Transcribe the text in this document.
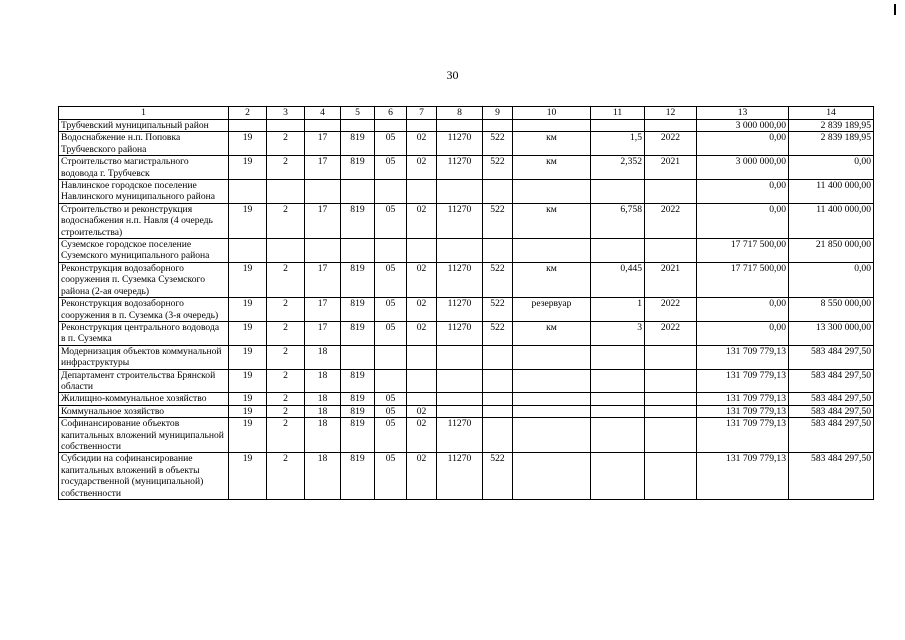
30
1	2	3	4	5	6	7	8	9	10	11	12	13	14
Трубчевский муниципальный район												3 000 000,00	2 839 189,95
Водоснабжение н.п. Поповка Трубчевского района	19	2	17	819	05	02	11270	522	км	1,5	2022	0,00	2 839 189,95
Строительство магистрального водовода г. Трубчевск	19	2	17	819	05	02	11270	522	км	2,352	2021	3 000 000,00	0,00
Навлинское городское поселение Навлинского муниципального района												0,00	11 400 000,00
Строительство и реконструкция водоснабжения н.п. Навля (4 очередь строительства)	19	2	17	819	05	02	11270	522	км	6,758	2022	0,00	11 400 000,00
Суземское городское поселение Суземского муниципального района												17 717 500,00	21 850 000,00
Реконструкция водозаборного сооружения п. Суземка Суземского района (2-ая очередь)	19	2	17	819	05	02	11270	522	км	0,445	2021	17 717 500,00	0,00
Реконструкция водозаборного сооружения в п. Суземка (3-я очередь)	19	2	17	819	05	02	11270	522	резервуар	1	2022	0,00	8 550 000,00
Реконструкция центрального водовода в п. Суземка	19	2	17	819	05	02	11270	522	км	3	2022	0,00	13 300 000,00
Модернизация объектов коммунальной инфраструктуры	19	2	18									131 709 779,13	583 484 297,50
Департамент строительства Брянской области	19	2	18	819								131 709 779,13	583 484 297,50
Жилищно-коммунальное хозяйство	19	2	18	819	05							131 709 779,13	583 484 297,50
Коммунальное хозяйство	19	2	18	819	05	02						131 709 779,13	583 484 297,50
Софинансирование объектов капитальных вложений муниципальной собственности	19	2	18	819	05	02	11270					131 709 779,13	583 484 297,50
Субсидии на софинансирование капитальных вложений в объекты государственной (муниципальной) собственности	19	2	18	819	05	02	11270	522				131 709 779,13	583 484 297,50
